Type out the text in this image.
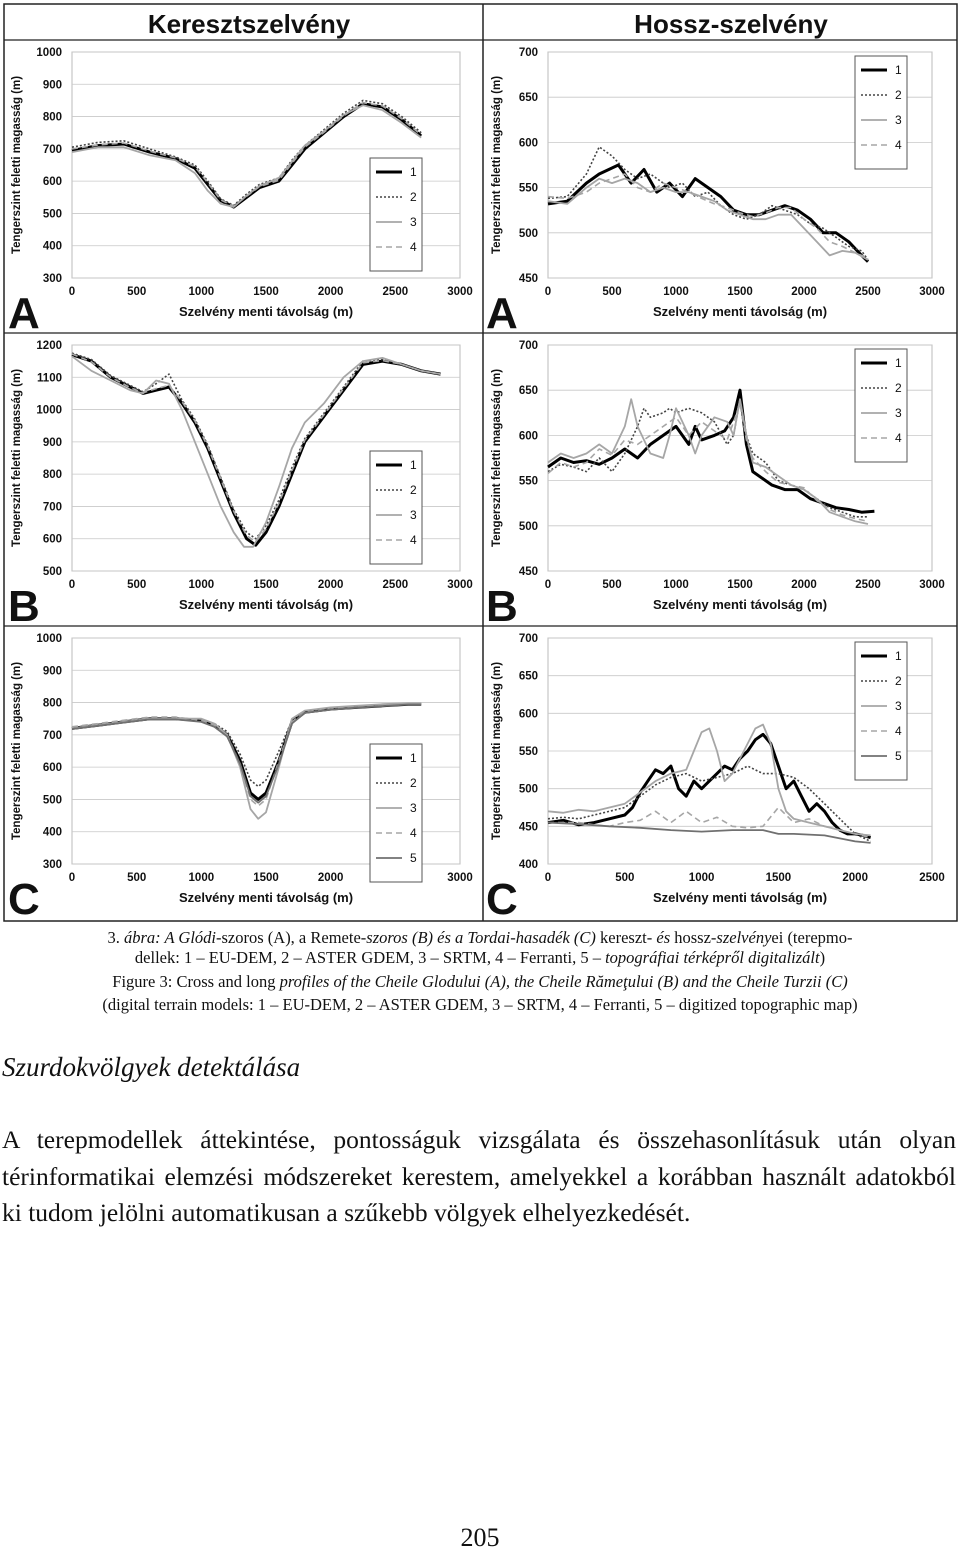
Keresztszelvény	Hossz-szelvény
300
400
500
600
700
800
900
1000
0	500	1000	1500	2000	2500	3000
Szelvény menti távolság (m)
Tengerszint feletti magasság (m)
A
1
2
3
4
450
500
550
600
650
700
0	500	1000	1500	2000	2500	3000
Szelvény menti távolság (m)
Tengerszint feletti magasság (m)
A
1
2
3
4
500
600
700
800
900
1000
1100
1200
0	500	1000	1500	2000	2500	3000
Szelvény menti távolság (m)
Tengerszint feletti magasság (m)
B
1
2
3
4
450
500
550
600
650
700
0	500	1000	1500	2000	2500	3000
Szelvény menti távolság (m)
Tengerszint feletti magasság (m)
B
1
2
3
4
300
400
500
600
700
800
900
1000
0	500	1000	1500	2000	3000
Szelvény menti távolság (m)
Tengerszint feletti magasság (m)
C
1
2
3
4
5	400
450
500
550
600
650
700
0	500	1000	1500	2000	2500
Szelvény menti távolság (m)
Tengerszint feletti magasság (m)
C
1
2
3
4
5
3. ábra: A Glódi-szoros (A), a Remete-szoros (B) és a Tordai-hasadék (C) kereszt- és hossz-szelvényei (terepmo-
dellek: 1 – EU-DEM, 2 – ASTER GDEM, 3 – SRTM, 4 – Ferranti, 5 – topográfiai térképről digitalizált)
Figure 3: Cross and long profiles of the Cheile Glodului (A), the Cheile Rămeţului (B) and the Cheile Turzii (C)
(digital terrain models: 1 – EU-DEM, 2 – ASTER GDEM, 3 – SRTM, 4 – Ferranti, 5 – digitized topographic map)
Szurdokvölgyek detektálása

A terepmodellek áttekintése, pontosságuk vizsgálata és összehasonlításuk után olyan térinformatikai elemzési módszereket kerestem, amelyekkel a korábban használt adatokból ki tudom jelölni automatikusan a szűkebb völgyek elhelyezkedését.

205
